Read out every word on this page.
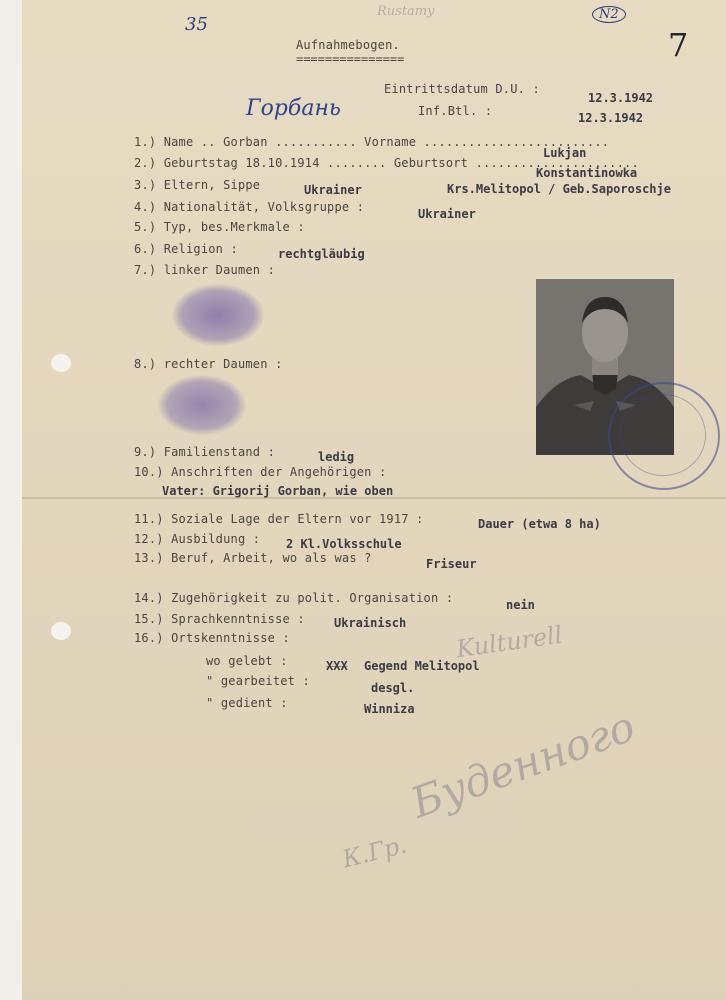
35
Rustamy	N2
7
Aufnahmebogen.
===============
Eintrittsdatum D.U. :
12.3.1942
Inf.Btl. :	12.3.1942
Горбань
1.) Name .. Gorban ........... Vorname .........................
Lukjan
2.) Geburtstag 18.10.1914 ........ Geburtsort ......................
Konstantinowka
3.) Eltern, Sippe	Ukrainer	Krs.Melitopol / Geb.Saporoschje
4.) Nationalität, Volksgruppe :	Ukrainer
5.) Typ, bes.Merkmale :
6.) Religion :	rechtgläubig
7.) linker Daumen :
8.) rechter Daumen :
9.) Familienstand :	ledig
10.) Anschriften der Angehörigen :
Vater: Grigorij Gorban, wie oben
11.) Soziale Lage der Eltern vor 1917 :	Dauer (etwa 8 ha)
12.) Ausbildung : 2 Kl.Volksschule
13.) Beruf, Arbeit, wo als was ?	Friseur
14.) Zugehörigkeit zu polit. Organisation :	nein
15.) Sprachkenntnisse : Ukrainisch
16.) Ortskenntnisse :
wo gelebt :	XXX Gegend Melitopol
" gearbeitet :	desgl.
" gedient :	Winniza
Kulturell
Буденного
К.Гр.
